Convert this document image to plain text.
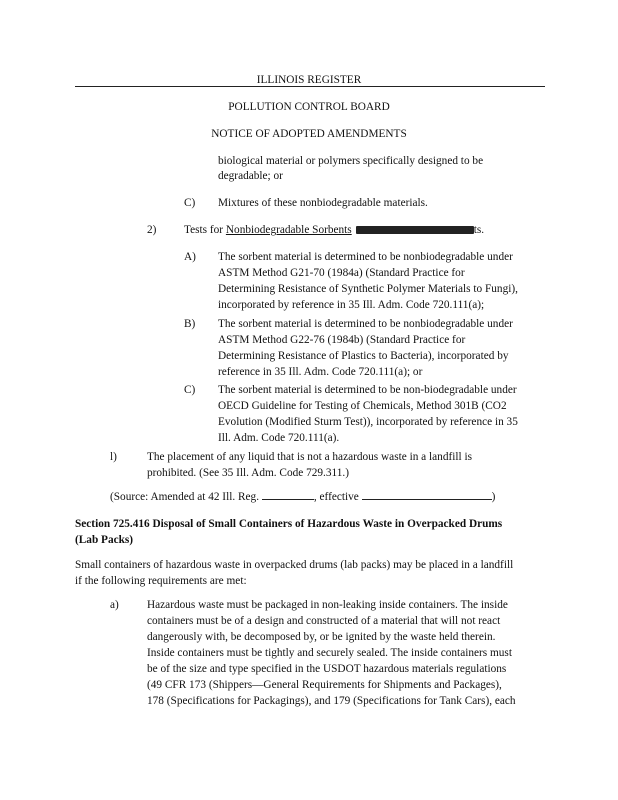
ILLINOIS REGISTER
POLLUTION CONTROL BOARD
NOTICE OF ADOPTED AMENDMENTS
biological material or polymers specifically designed to be
degradable; or
C) Mixtures of these nonbiodegradable materials.
2) Tests for Nonbiodegradable Sorbents	ts.
A) The sorbent material is determined to be nonbiodegradable under
ASTM Method G21-70 (1984a) (Standard Practice for
Determining Resistance of Synthetic Polymer Materials to Fungi),
incorporated by reference in 35 Ill. Adm. Code 720.111(a);
B) The sorbent material is determined to be nonbiodegradable under
ASTM Method G22-76 (1984b) (Standard Practice for
Determining Resistance of Plastics to Bacteria), incorporated by
reference in 35 Ill. Adm. Code 720.111(a); or
C) The sorbent material is determined to be non-biodegradable under
OECD Guideline for Testing of Chemicals, Method 301B (CO2
Evolution (Modified Sturm Test)), incorporated by reference in 35
Ill. Adm. Code 720.111(a).
l)	The placement of any liquid that is not a hazardous waste in a landfill is
prohibited. (See 35 Ill. Adm. Code 729.311.)
(Source: Amended at 42 Ill. Reg.	, effective	)
Section 725.416 Disposal of Small Containers of Hazardous Waste in Overpacked Drums
(Lab Packs)
Small containers of hazardous waste in overpacked drums (lab packs) may be placed in a landfill
if the following requirements are met:
a) Hazardous waste must be packaged in non-leaking inside containers. The inside
containers must be of a design and constructed of a material that will not react
dangerously with, be decomposed by, or be ignited by the waste held therein.
Inside containers must be tightly and securely sealed. The inside containers must
be of the size and type specified in the USDOT hazardous materials regulations
(49 CFR 173 (Shippers—General Requirements for Shipments and Packages),
178 (Specifications for Packagings), and 179 (Specifications for Tank Cars), each
